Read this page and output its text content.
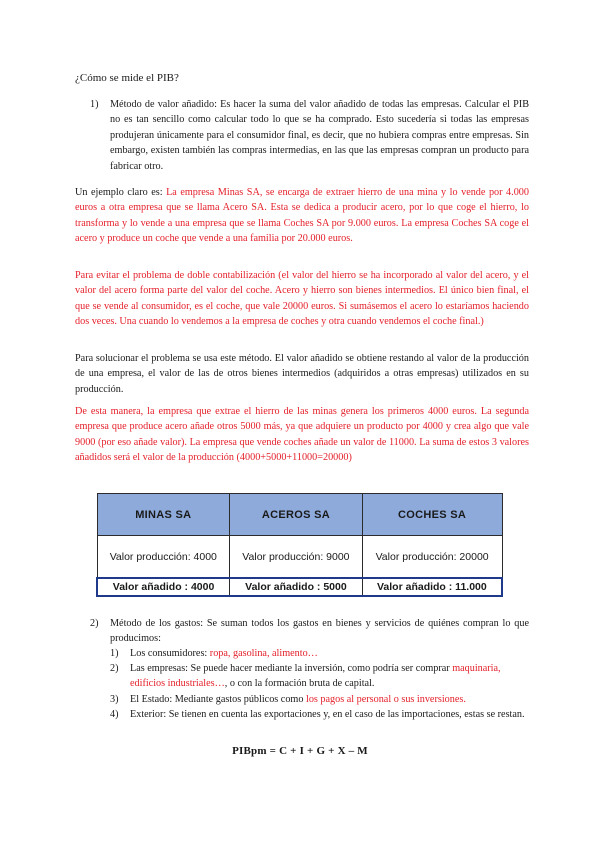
¿Cómo se mide el PIB?
1) Método de valor añadido: Es hacer la suma del valor añadido de todas las empresas. Calcular el PIB no es tan sencillo como calcular todo lo que se ha comprado. Esto sucedería si todas las empresas produjeran únicamente para el consumidor final, es decir, que no hubiera compras entre empresas. Sin embargo, existen también las compras intermedias, en las que las empresas compran un producto para fabricar otro.
Un ejemplo claro es: La empresa Minas SA, se encarga de extraer hierro de una mina y lo vende por 4.000 euros a otra empresa que se llama Acero SA. Esta se dedica a producir acero, por lo que coge el hierro, lo transforma y lo vende a una empresa que se llama Coches SA por 9.000 euros. La empresa Coches SA coge el acero y produce un coche que vende a una familia por 20.000 euros.
Para evitar el problema de doble contabilización (el valor del hierro se ha incorporado al valor del acero, y el valor del acero forma parte del valor del coche. Acero y hierro son bienes intermedios. El único bien final, el que se vende al consumidor, es el coche, que vale 20000 euros. Si sumásemos el acero lo estaríamos haciendo dos veces. Una cuando lo vendemos a la empresa de coches y otra cuando vendemos el coche final.)
Para solucionar el problema se usa este método. El valor añadido se obtiene restando al valor de la producción de una empresa, el valor de las de otros bienes intermedios (adquiridos a otras empresas) utilizados en su producción.
De esta manera, la empresa que extrae el hierro de las minas genera los primeros 4000 euros. La segunda empresa que produce acero añade otros 5000 más, ya que adquiere un producto por 4000 y crea algo que vale 9000 (por eso añade valor). La empresa que vende coches añade un valor de 11000. La suma de estos 3 valores añadidos será el valor de la producción (4000+5000+11000=20000)
MINAS SA	ACEROS SA	COCHES SA
Valor producción: 4000	Valor producción: 9000	Valor producción: 20000
Valor añadido : 4000	Valor añadido : 5000	Valor añadido : 11.000
2) Método de los gastos: Se suman todos los gastos en bienes y servicios de quiénes compran lo que producimos:
1) Los consumidores: ropa, gasolina, alimento…
2) Las empresas: Se puede hacer mediante la inversión, como podría ser comprar maquinaria, edificios industriales…, o con la formación bruta de capital.
3) El Estado: Mediante gastos públicos como los pagos al personal o sus inversiones.
4) Exterior: Se tienen en cuenta las exportaciones y, en el caso de las importaciones, estas se restan.
PIBpm = C + I + G + X – M
